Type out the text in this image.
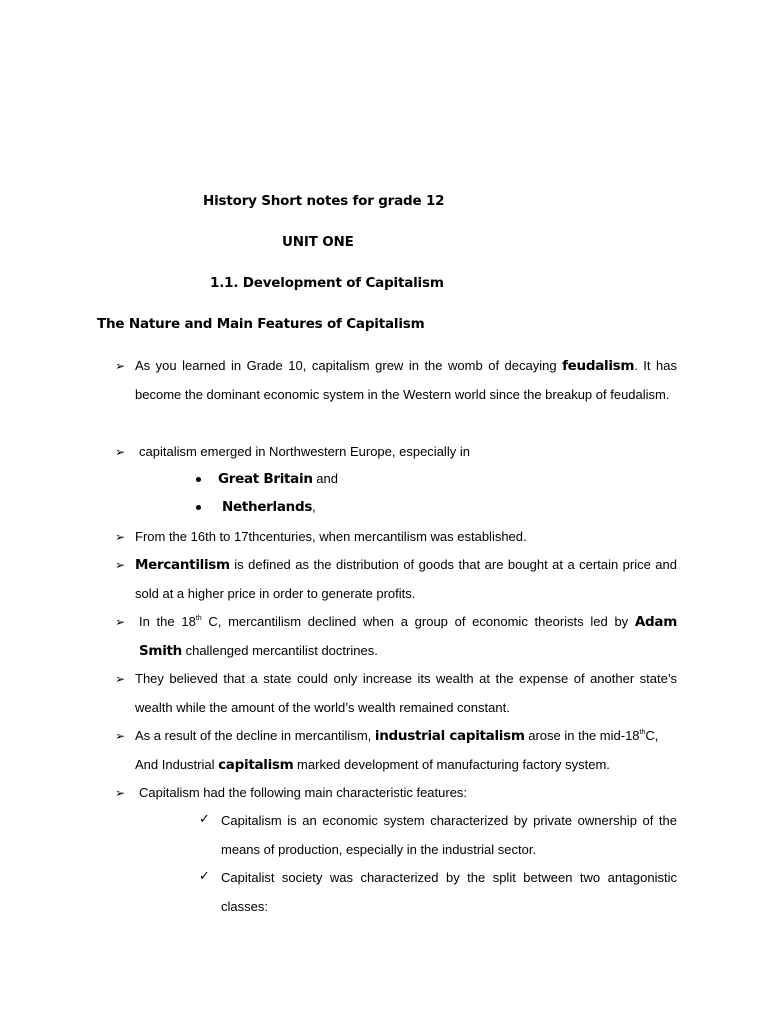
History Short notes for grade 12
UNIT ONE
1.1. Development of Capitalism
The Nature and Main Features of Capitalism
➢ As you learned in Grade 10, capitalism grew in the womb of decaying feudalism. It has become the dominant economic system in the Western world since the breakup of feudalism.
➢ capitalism emerged in Northwestern Europe, especially in
Great Britain and
Netherlands,
➢ From the 16th to 17thcenturies, when mercantilism was established.
➢ Mercantilism is defined as the distribution of goods that are bought at a certain price and sold at a higher price in order to generate profits.
➢ In the 18th C, mercantilism declined when a group of economic theorists led by Adam Smith challenged mercantilist doctrines.
➢ They believed that a state could only increase its wealth at the expense of another state’s wealth while the amount of the world’s wealth remained constant.
➢ As a result of the decline in mercantilism, industrial capitalism arose in the mid-18thC, And Industrial capitalism marked development of manufacturing factory system.
➢ Capitalism had the following main characteristic features:
✓ Capitalism is an economic system characterized by private ownership of the means of production, especially in the industrial sector.
✓ Capitalist society was characterized by the split between two antagonistic classes:
